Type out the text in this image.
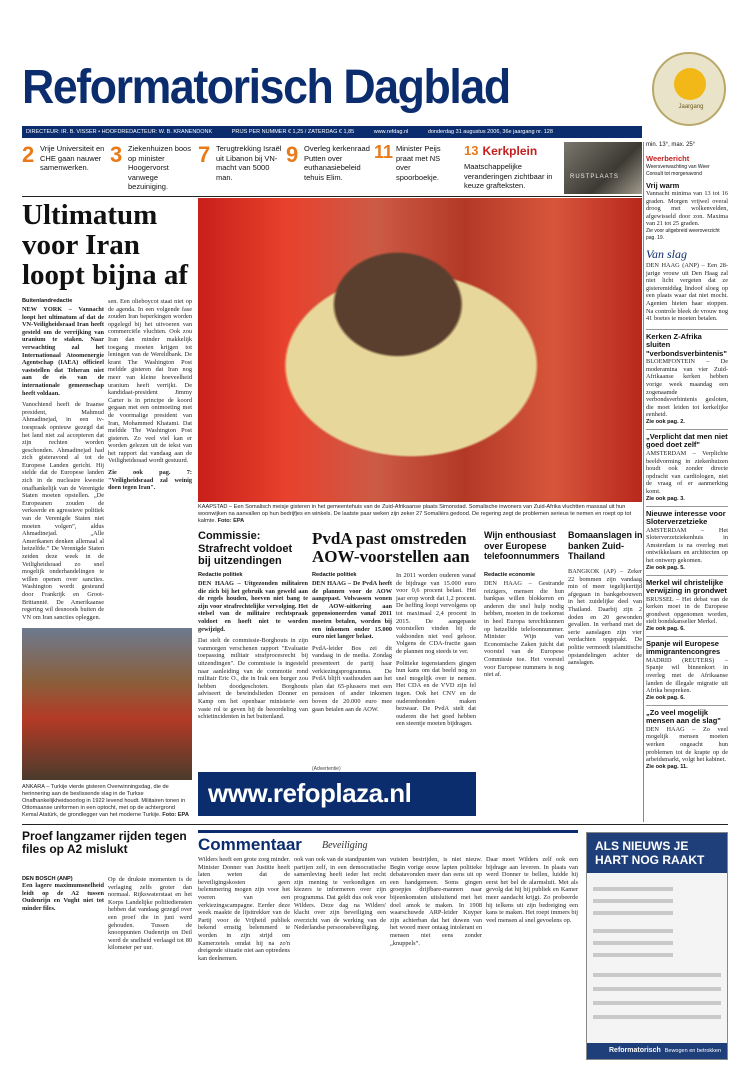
Reformatorisch Dagblad	Jaargang
DIRECTEUR: IR. B. VISSER • HOOFDREDACTEUR: W. B. KRANENDONK	PRIJS PER NUMMER € 1,25 / ZATERDAG € 1,85	www.refdag.nl	donderdag 31 augustus 2006, 36e jaargang nr. 128
2 Vrije Universiteit en CHE gaan nauwer samenwerken.
3 Ziekenhuizen boos op minister Hoogervorst vanwege bezuiniging.
7 Terugtrekking Israël uit Libanon bij VN-macht van 5000 man.
9 Overleg kerkenraad Putten over euthanasiebeleid tehuis Elim.
11 Minister Peijs praat met NS over spoorboekje.
13 Kerkplein
Maatschappelijke veranderingen zichtbaar in keuze grafteksten.
RUSTPLAATS
Ultimatum voor Iran loopt bijna af
Buitenlandredactie
NEW YORK – Vannacht loopt het ultimatum af dat de VN-Veiligheidsraad Iran heeft gesteld om de verrijking van uranium te staken. Naar verwachting zal het Internationaal Atoomenergie Agentschap (IAEA) officieel vaststellen dat Teheran niet aan de eis van de internationale gemeenschap heeft voldaan.
Vanochtend heeft de Iraanse president, Mahmud Ahmadinejad, in een tv-toespraak opnieuw gezegd dat het land niet zal accepteren dat zijn rechten worden geschonden. Ahmadinejad had zich gisteravond al tot de Europese Landen gericht. Hij stelde dat de Europese landen zich in de nucleaire kwestie onafhankelijk van de Verenigde Staten moeten opstellen. „De Europeanen zouden de verkeerde en agressieve politiek van de Verenigde Staten niet moeten volgen”, aldus Ahmadinejad. „Alle Amerikanen denken allemaal al hetzelfde.” De Verenigde Staten zeiden deze week in de Veiligheidsraad zo snel mogelijk onderhandelingen te willen openen over sancties. Washington wordt gesteund door Frankrijk en Groot-Brittannië. De Amerikaanse regering wil desnoods buiten de VN om Iran sancties opleggen.
sen. Een olieboycot staat niet op de agenda. In een volgende fase zouden Iran beperkingen worden opgelegd bij het uitvoeren van commerciële vluchten. Ook zou Iran dan minder makkelijk toegang moeten krijgen tot leningen van de Wereldbank. De krant The Washington Post meldde gisteren dat Iran nog meer van kleine hoeveelheid uranium heeft verrijkt. De kandidaat-president Jimmy Carter is in principe de koord gegaan met een ontmoeting met de voormalige president van Iran, Mohammed Khatami. Dat meldde The Washington Post gisteren. Zo veel viel kan er worden gelezen uit de tekst van het rapport dat vandaag aan de Veiligheidsraad wordt gestuurd.
Zie ook pag. 7: "Veiligheidsraad zal weinig doen tegen Iran".
KAAPSTAD – Een Somalisch meisje gisteren in het gemeentehuis van de Zuid-Afrikaanse plaats Simonstad. Somalische inwoners van Zuid-Afrika vluchtten massaal uit hun woonwijken na aanvallen op hun bedrijfjes en winkels. De laatste paar weken zijn zeker 27 Somaliërs gedood. De regering zegt de problemen serieus te nemen en roept op tot kalmte. Foto: EPA
Commissie: Strafrecht voldoet bij uitzendingen
Redactie politiek
DEN HAAG – Uitgezonden militairen die zich bij het gebruik van geweld aan de regels houden, hoeven niet bang te zijn voor strafrechtelijke vervolging. Het stelsel van de militaire rechtspraak voldoet en hoeft niet te worden gewijzigd.
Dat stelt de commissie-Borghouts in zijn vanmorgen verschenen rapport "Evaluatie toepassing militair strafprocesrecht bij uitzendingen". De commissie is ingesteld naar aanleiding van de commotie rond militair Eric O., die in Irak een burger zou hebben doodgeschoten. Borghouts adviseert de bewindslieden Donner en Kamp om het openbaar ministerie een vaste rol te geven bij de beoordeling van schietincidenten in het buitenland.
PvdA past omstreden AOW-voorstellen aan
Redactie politiek
DEN HAAG – De PvdA heeft de plannen voor de AOW aangepast. Volwassen wonen de AOW-uitkering aan gepensioneerden vanaf 2011 moeten betalen, worden bij een inkomen onder 15.000 euro niet langer belast.
PvdA-leider Bos zei dit vandaag in de media. Zondag presenteert de partij haar verkiezingsprogramma. De PvdA blijft vasthouden aan het plan dat 65-plussers met een pensioen of ander inkomen boven de 20.000 euro mee gaan betalen aan de AOW.
In 2011 worden ouderen vanaf de bijdrage van 15.000 euro voor 0,6 procent belast. Het jaar erop wordt dat 1,2 procent. De heffing loopt vervolgens op tot maximaal 2,4 procent in 2015. De aangepaste voorstellen vinden bij de vakbonden niet veel gehoor. Volgens de CDA-fractie gaan de plannen nog steeds te ver.
Politieke tegenstanders gingen hun kans om dat beeld nog zo snel mogelijk over te nemen. Het CDA en de VVD zijn fel tegen. Ook het CNV en de ouderenbonden maken bezwaar. De PvdA stelt dat ouderen die het goed hebben een steentje moeten bijdragen.
Wijn enthousiast over Europese telefoonnummers
Redactie economie
DEN HAAG – Gestrande reizigers, mensen die hun bankpas willen blokkeren en anderen die snel hulp nodig hebben, moeten in de toekomst in heel Europa terechtkunnen op hetzelfde telefoonnummer. Minister Wijn van Economische Zaken juicht dat voorstel van de Europese Commissie toe. Het voorstel voor Europese nummers is nog niet af.
Bomaanslagen in banken Zuid-Thailand
BANGKOK (AP) – Zeker 22 bommen zijn vandaag min of meer tegelijkertijd afgegaan in bankgebouwen in het zuidelijke deel van Thailand. Daarbij zijn 2 doden en 20 gewonden gevallen. In verband met de serie aanslagen zijn vier verdachten opgepakt. De politie vermoedt islamitische opstandelingen achter de aanslagen.
ANKARA – Turkije vierde gisteren Overwinningsdag, die de herinnering aan de beslissende slag in de Turkse Onafhankelijkheidsoorlog in 1922 levend houdt. Militairen tonen in Ottomaanse uniformen in een optocht, met op de achtergrond Kemal Atatürk, de grondlegger van het moderne Turkije. Foto: EPA
(Advertentie)
www.refoplaza.nl
Proef langzamer rijden tegen files op A2 mislukt
DEN BOSCH (ANP)
Een lagere maximumsnelheid leidt op de A2 tussen Oudenrijn en Vught niet tot minder files.
Op de drukste momenten is de verlaging zelfs groter dan normaal. Rijkswaterstaat en het Korps Landelijke politiediensten hebben dat vandaag gezegd over een proef die in juni werd gehouden. Tussen de knooppunten Oudenrijn en Deil werd de snelheid verlaagd tot 80 kilometer per uur.
Commentaar Beveiliging
Wilders heeft een grote zorg minder. Minister Donner van Justitie heeft laten weten dat de beveiligingskosten geen belemmering mogen zijn voor het voeren van een verkiezingscampagne. Eerder deze week maakte de lijsttrekker van de Partij voor de Vrijheid publiek bekend ernstig belemmerd te worden in zijn strijd om Kamerzetels omdat hij na zo'n dreigende situatie niet aan optredens kan deelnemen.
ook van ook van de standpunten van partijen zelf, in een democratische samenleving heeft ieder het recht zijn mening te verkondigen en kiezers te informeren over zijn programma. Dat geldt dus ook voor Wilders. Deze dag na Wilders' klacht over zijn beveiliging een overzicht van de werking van de Nederlandse persoonsbeveiliging.
vuisten bestrijden, is niet nieuw. Begin vorige eeuw lapten politieke debatavonden meer dan eens uit op een handgemeen. Soms gingen groepjes drijfbare-mannen naar bijeenkomsten uitsluitend met het doel amok te maken. In 1908 waarschuwde ARP-leider Kuyper zijn achterban dat het duwen van het woord meer ontaag intolerant en mensen niet eens zonder „knuppels”.
Daar moet Wilders zelf ook een bijdrage aan leveren. In plaats van werd Donner te bellen, luidde hij eerst het bel de alarmsluit. Met als gevolg dat hij bij publiek en Kamer meer aandacht krijgt. Zo probeerde hij telkens uit zijn bedreiging een kans te maken. Het roept immers bij veel mensen al snel gevoelens op.
ALS NIEUWS JE
HART NOG RAAKT
Reformatorisch Bewogen en betrokken
min. 13°, max. 25°
Weerbericht
Weersverwachting van Weer Consult tot morgenavond
Vrij warm
Vannacht minima van 13 tot 16 graden. Morgen vrijwel overal droog met wolkenvelden, afgewisseld door zon. Maxima van 21 tot 25 graden.
Zie voor uitgebreid weeroverzicht pag. 19.
Van slag
DEN HAAG (ANP) – Een 28-jarige vrouw uit Den Haag zal niet licht vergeten dat ze gisteremiddag lindoof sloeg op een plaats waar dat niet mocht. Agenten hieten haar stoppen. Na controle bleek de vrouw nog 41 boetes te moeten betalen.
Kerken Z-Afrika sluiten "verbondsverbintenis"
BLOEMFONTEIN – De moderamina van vier Zuid-Afrikaanse kerken hebben vorige week maandag een zogenaamde verbondsverbintenis gesloten, die moet leiden tot kerkelijke eenheid.
Zie ook pag. 2.
„Verplicht dat men niet goed doet zelf"
AMSTERDAM – Verplichte beeldvorming in ziekenhuizen houdt ook zonder directe opdracht van cardiologen, niet de vraag of er aanmerking komt.
Zie ook pag. 3.
Nieuwe interesse voor Sloterverzetzieke
AMSTERDAM – Het Sloterverzetziekenhuis in Amsterdam is na overleg met ontwikkelaars en architecten op het ontwerp gekomen.
Zie ook pag. 5.
Merkel wil christelijke verwijzing in grondwet
BRUSSEL – Het debat van de kerken moet in de Europese grondwet opgenomen worden, stelt bondskanselier Merkel.
Zie ook pag. 6.
Spanje wil Europese immigrantencongres
MADRID (REUTERS) – Spanje wil binnenkort in overleg met de Afrikaanse landen de illegale migratie uit Afrika bespreken.
Zie ook pag. 6.
„Zo veel mogelijk mensen aan de slag"
DEN HAAG – Zo veel mogelijk mensen moeten werken ongeacht hun problemen tot de krapte op de arbeidsmarkt, volgt het kabinet.
Zie ook pag. 11.
